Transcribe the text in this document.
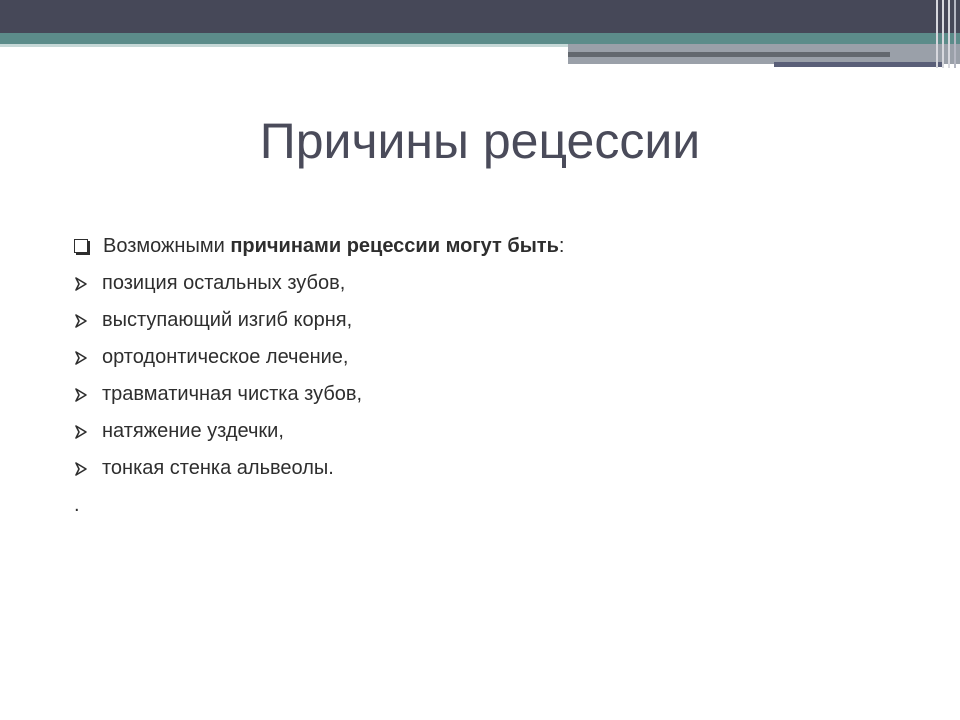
Причины рецессии
Возможными причинами рецессии могут быть :
позиция остальных зубов,
выступающий изгиб корня,
ортодонтическое лечение,
травматичная чистка зубов,
натяжение уздечки,
тонкая стенка альвеолы.
.
